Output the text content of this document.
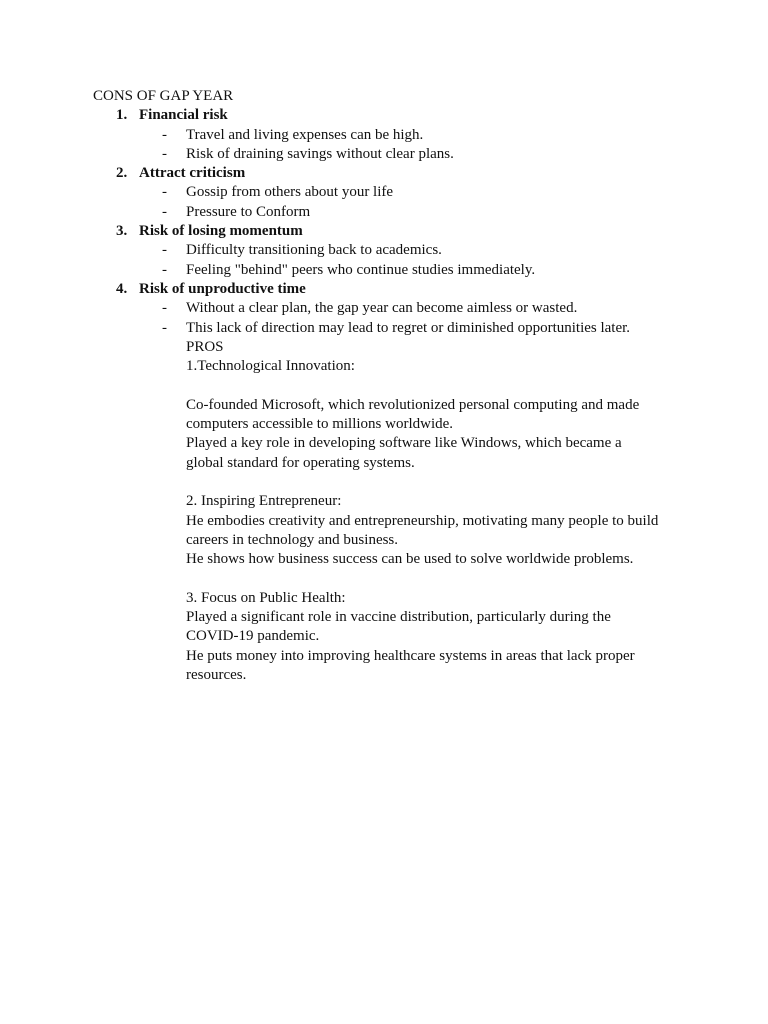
CONS OF GAP YEAR
1. Financial risk
- Travel and living expenses can be high.
- Risk of draining savings without clear plans.
2. Attract criticism
- Gossip from others about your life
- Pressure to Conform
3. Risk of losing momentum
- Difficulty transitioning back to academics.
- Feeling "behind" peers who continue studies immediately.
4. Risk of unproductive time
- Without a clear plan, the gap year can become aimless or wasted.
- This lack of direction may lead to regret or diminished opportunities later.
PROS
1.Technological Innovation:
Co-founded Microsoft, which revolutionized personal computing and made
computers accessible to millions worldwide.
Played a key role in developing software like Windows, which became a
global standard for operating systems.
2. Inspiring Entrepreneur:
He embodies creativity and entrepreneurship, motivating many people to build
careers in technology and business.
He shows how business success can be used to solve worldwide problems.
3. Focus on Public Health:
Played a significant role in vaccine distribution, particularly during the
COVID-19 pandemic.
He puts money into improving healthcare systems in areas that lack proper
resources.
